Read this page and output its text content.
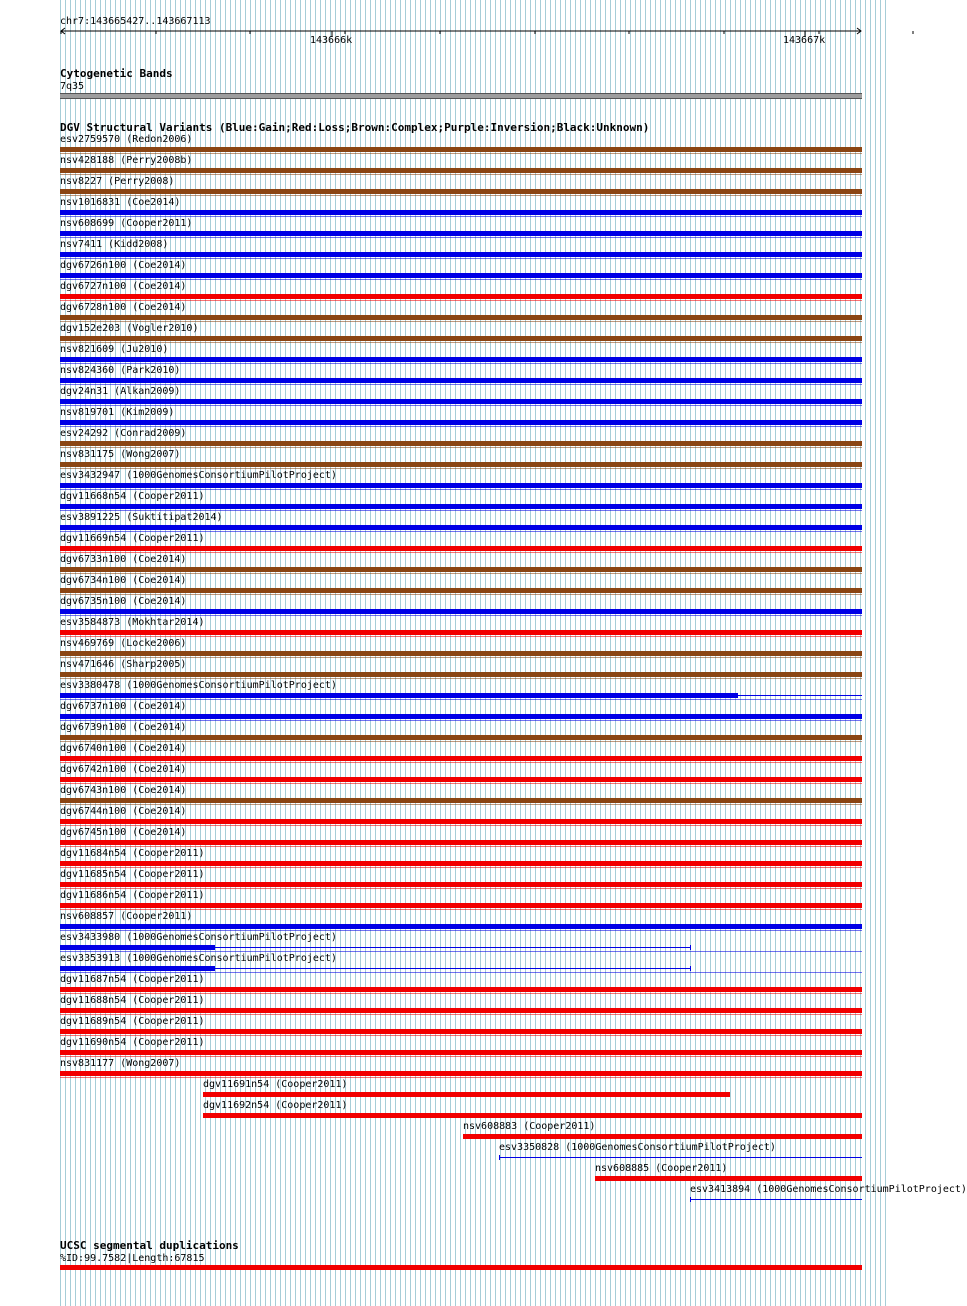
chr7:143665427..143667113
143666k	143667k
Cytogenetic Bands
7q35
DGV Structural Variants (Blue:Gain;Red:Loss;Brown:Complex;Purple:Inversion;Black:Unknown)
esv2759570 (Redon2006)
nsv428188 (Perry2008b)
nsv8227 (Perry2008)
nsv1016831 (Coe2014)
nsv608699 (Cooper2011)
nsv7411 (Kidd2008)
dgv6726n100 (Coe2014)
dgv6727n100 (Coe2014)
dgv6728n100 (Coe2014)
dgv152e203 (Vogler2010)
nsv821609 (Ju2010)
nsv824360 (Park2010)
dgv24n31 (Alkan2009)
nsv819701 (Kim2009)
esv24292 (Conrad2009)
nsv831175 (Wong2007)
esv3432947 (1000GenomesConsortiumPilotProject)
dgv11668n54 (Cooper2011)
esv3891225 (Suktitipat2014)
dgv11669n54 (Cooper2011)
dgv6733n100 (Coe2014)
dgv6734n100 (Coe2014)
dgv6735n100 (Coe2014)
esv3584873 (Mokhtar2014)
nsv469769 (Locke2006)
nsv471646 (Sharp2005)
esv3380478 (1000GenomesConsortiumPilotProject)
dgv6737n100 (Coe2014)
dgv6739n100 (Coe2014)
dgv6740n100 (Coe2014)
dgv6742n100 (Coe2014)
dgv6743n100 (Coe2014)
dgv6744n100 (Coe2014)
dgv6745n100 (Coe2014)
dgv11684n54 (Cooper2011)
dgv11685n54 (Cooper2011)
dgv11686n54 (Cooper2011)
nsv608857 (Cooper2011)
esv3433980 (1000GenomesConsortiumPilotProject)
esv3353913 (1000GenomesConsortiumPilotProject)
dgv11687n54 (Cooper2011)
dgv11688n54 (Cooper2011)
dgv11689n54 (Cooper2011)
dgv11690n54 (Cooper2011)
nsv831177 (Wong2007)
dgv11691n54 (Cooper2011)
dgv11692n54 (Cooper2011)
nsv608883 (Cooper2011)
esv3350828 (1000GenomesConsortiumPilotProject)
nsv608885 (Cooper2011)
esv3413894 (1000GenomesConsortiumPilotProject)
UCSC segmental duplications
%ID:99.7582|Length:67815
